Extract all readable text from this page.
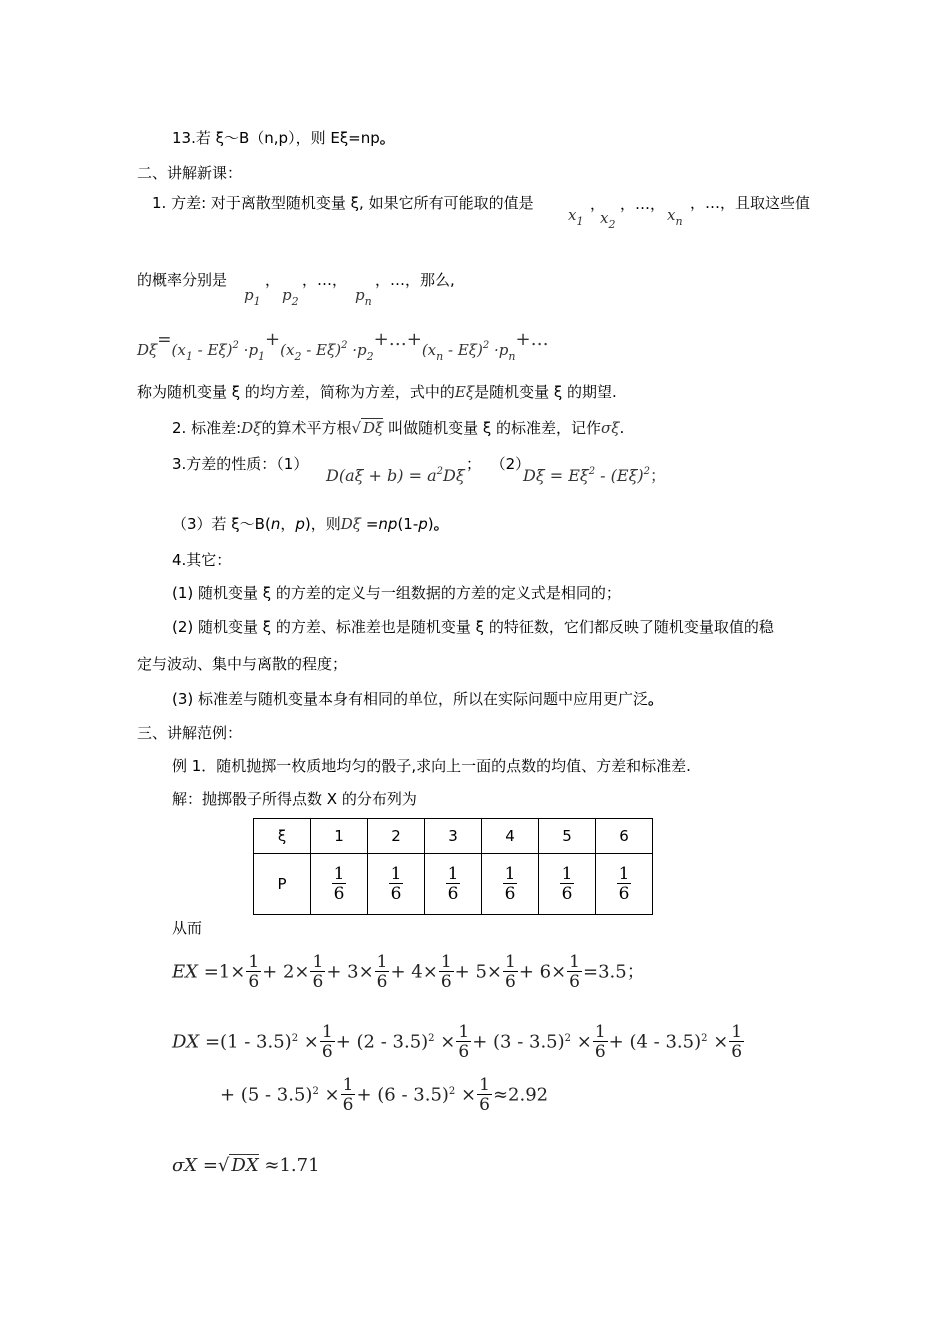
13.若 ξ～B（n,p），则 Eξ=np。
二、讲解新课：
1. 方差: 对于离散型随机变量 ξ, 如果它所有可能取的值是
$x_1$
，
$x_2$
，…，
$x_n$
，…，且取这些值
的概率分别是
$p_1$
，
$p_2$
，…，
$p_n$
，…，那么,
$D\xi=(x_1 - E\xi)^2 \cdot p_1+(x_2 - E\xi)^2$ $\cdot p_2+\dots+(x_n - E\xi)^2$ $\cdot p_n+\dots$
称为随机变量 ξ 的均方差，简称为方差，式中的Eξ是随机变量 ξ 的期望.
2. 标准差:Dξ的算术平方根√ Dξ 叫做随机变量 ξ 的标准差，记作σξ.
3.方差的性质：（1）
$D(a\xi + b) = a^2D\xi$
； （2）
$D\xi = E\xi^2 - (E\xi)^2$；
（3）若 ξ～B(n，p)，则Dξ =np(1-p)。
4.其它：
(1) 随机变量 ξ 的方差的定义与一组数据的方差的定义式是相同的；
(2) 随机变量 ξ 的方差、标准差也是随机变量 ξ 的特征数，它们都反映了随机变量取值的稳
定与波动、集中与离散的程度；
(3) 标准差与随机变量本身有相同的单位，所以在实际问题中应用更广泛。
三、讲解范例：
例 1．随机抛掷一枚质地均匀的骰子,求向上一面的点数的均值、方差和标准差.
解：抛掷骰子所得点数 X 的分布列为
ξ	1	2	3	4	5	6
P	$\frac{1}{6}$	$\frac{1}{6}$	$\frac{1}{6}$	$\frac{1}{6}$	$\frac{1}{6}$	$\frac{1}{6}$
从而
EX $=1\times \frac{1}{6} + 2\times \frac{1}{6} + 3\times \frac{1}{6} + 4\times \frac{1}{6} + 5\times \frac{1}{6} + 6\times \frac{1}{6} =3.5$；
DX $=(1 - 3.5)^2 \times \frac{1}{6} + (2 - 3.5)^2 \times \frac{1}{6} + (3 - 3.5)^2 \times \frac{1}{6} + (4 - 3.5)^2 \times \frac{1}{6}$
+ $(5 - 3.5)^2 \times \frac{1}{6} + (6 - 3.5)^2 \times \frac{1}{6} \approx 2.92$
σX =√ DX ≈1.71
